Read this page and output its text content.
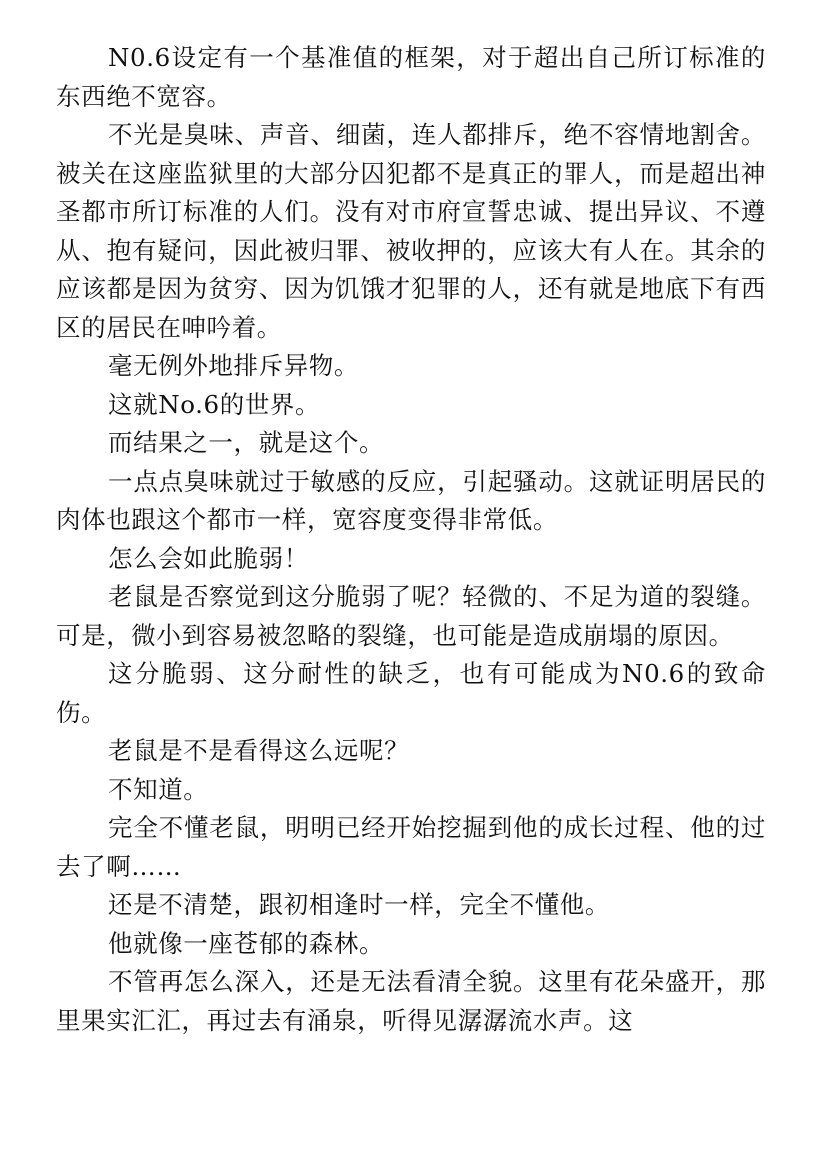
N0.6设定有一个基准值的框架，对于超出自己所订标准的东西绝不宽容。

不光是臭味、声音、细菌，连人都排斥，绝不容情地割舍。被关在这座监狱里的大部分囚犯都不是真正的罪人，而是超出神圣都市所订标准的人们。没有对市府宣誓忠诚、提出异议、不遵从、抱有疑问，因此被归罪、被收押的，应该大有人在。其余的应该都是因为贫穷、因为饥饿才犯罪的人，还有就是地底下有西区的居民在呻吟着。

毫无例外地排斥异物。

这就No.6的世界。

而结果之一，就是这个。

一点点臭味就过于敏感的反应，引起骚动。这就证明居民的肉体也跟这个都市一样，宽容度变得非常低。

怎么会如此脆弱！

老鼠是否察觉到这分脆弱了呢？轻微的、不足为道的裂缝。可是，微小到容易被忽略的裂缝，也可能是造成崩塌的原因。

这分脆弱、这分耐性的缺乏，也有可能成为N0.6的致命伤。

老鼠是不是看得这么远呢？

不知道。

完全不懂老鼠，明明已经开始挖掘到他的成长过程、他的过去了啊……

还是不清楚，跟初相逢时一样，完全不懂他。

他就像一座苍郁的森林。

不管再怎么深入，还是无法看清全貌。这里有花朵盛开，那里果实汇汇，再过去有涌泉，听得见潺潺流水声。这
